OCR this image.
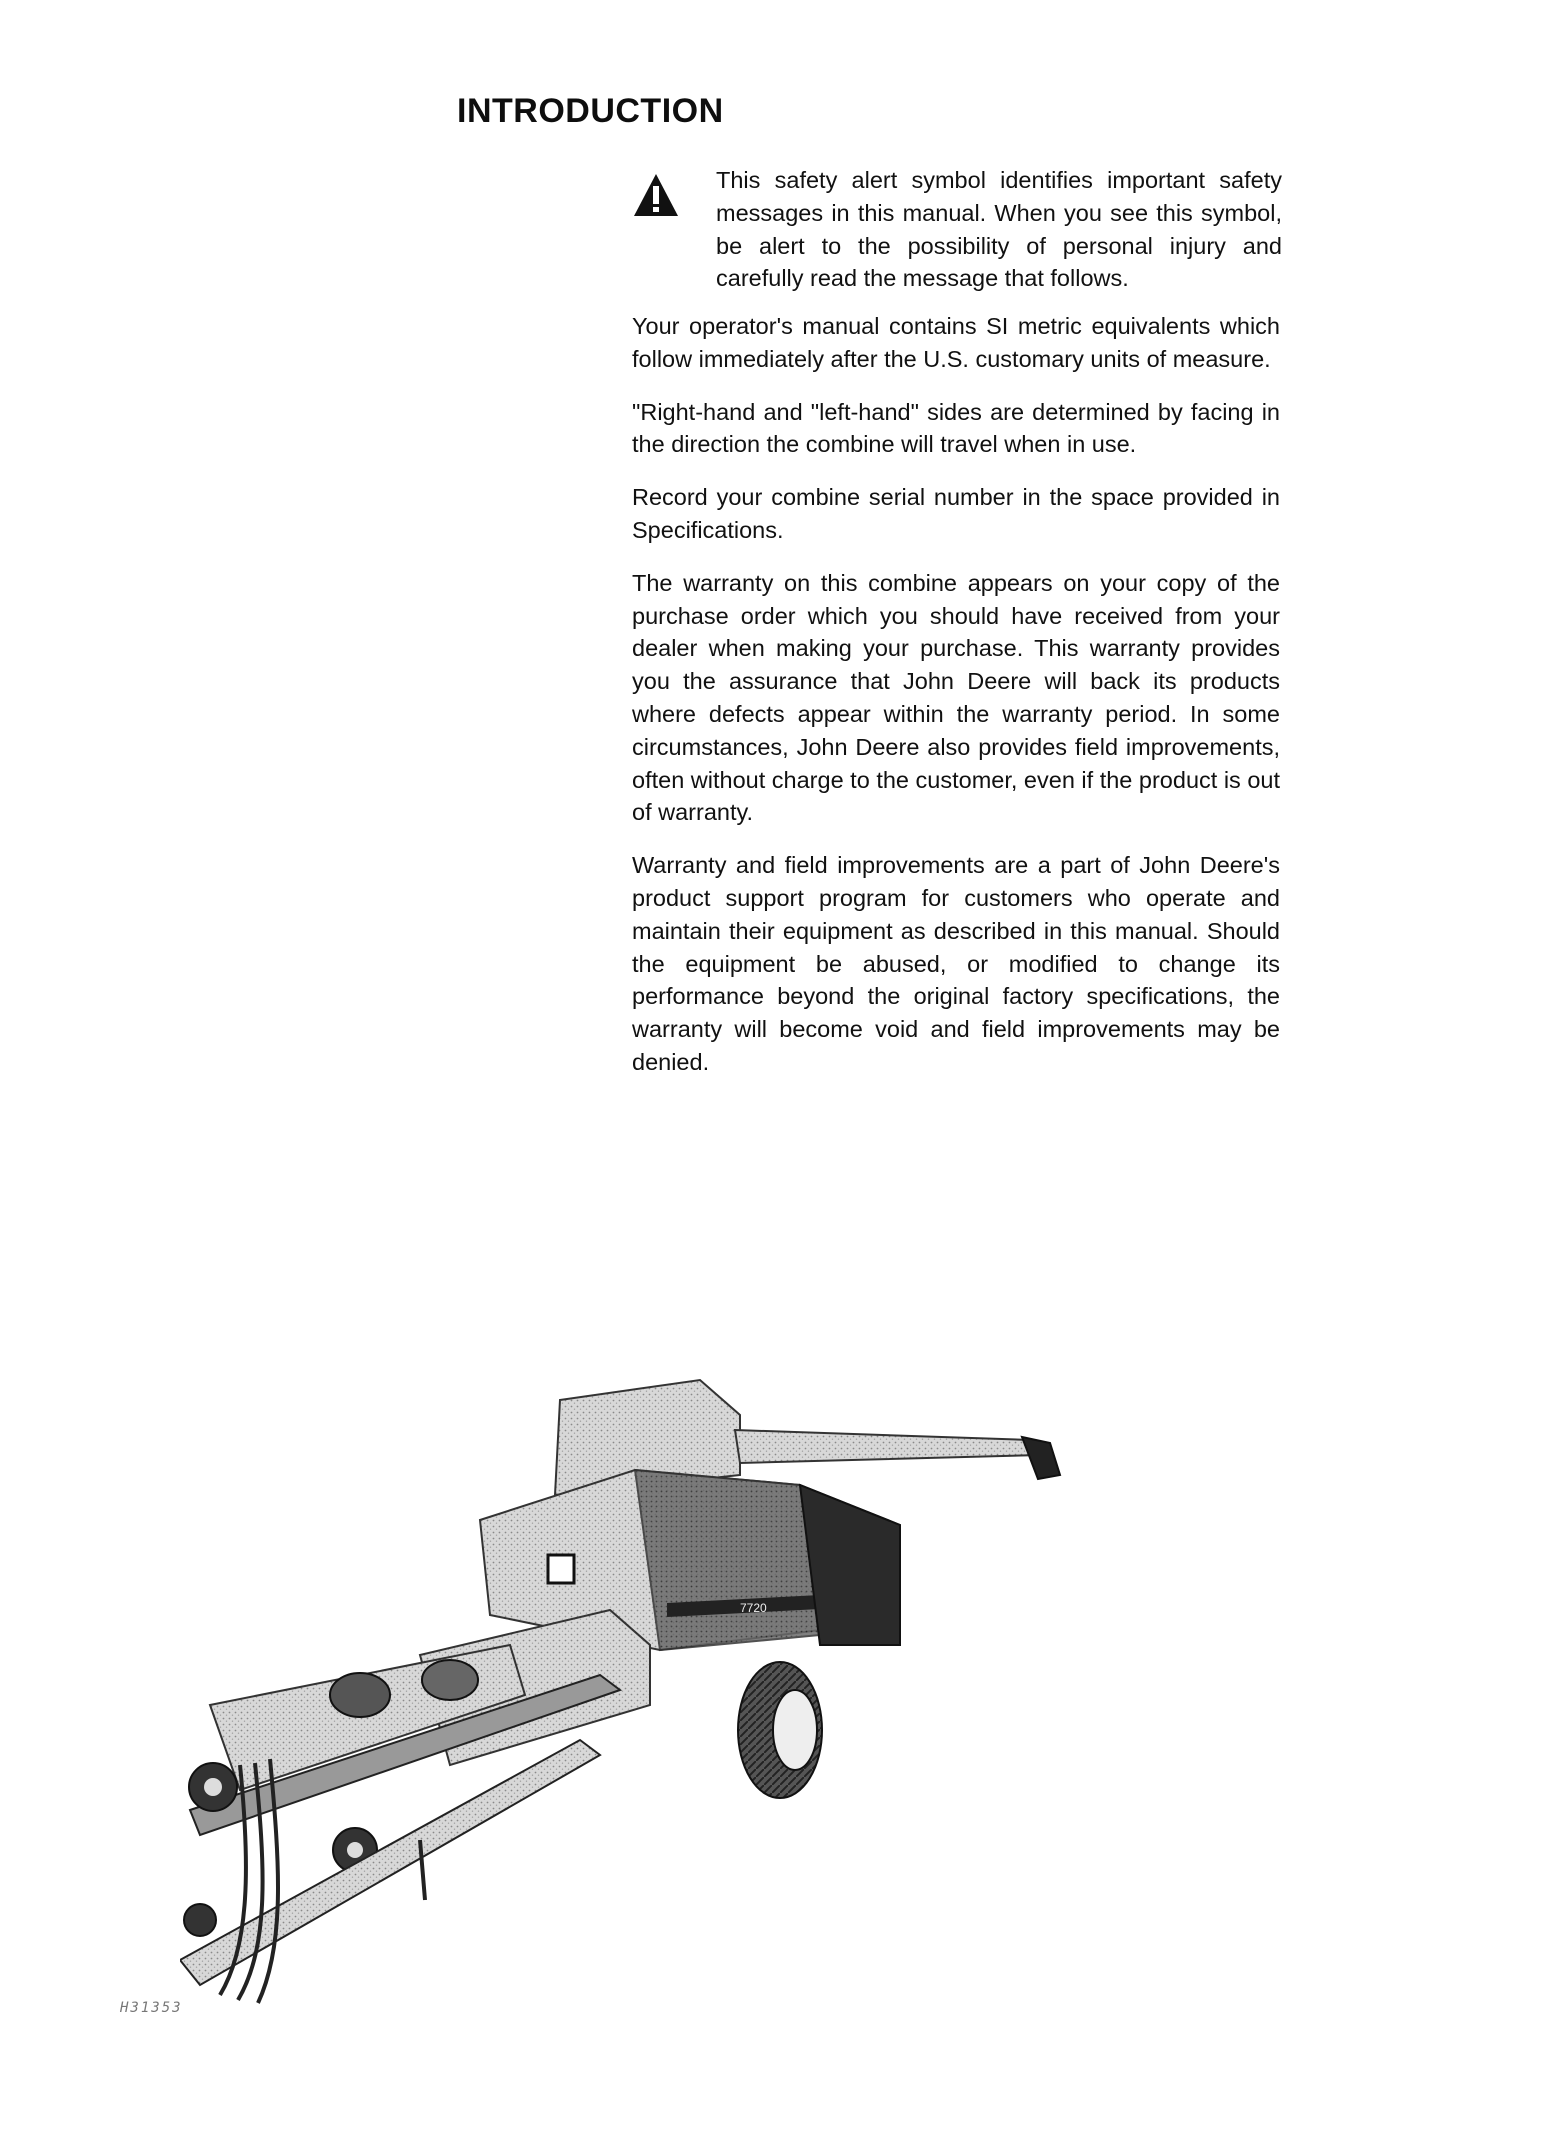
INTRODUCTION

This safety alert symbol identifies important safety messages in this manual. When you see this symbol, be alert to the possibility of personal injury and carefully read the message that follows.

Your operator's manual contains SI metric equivalents which follow immediately after the U.S. customary units of measure.

"Right-hand and "left-hand" sides are determined by facing in the direction the combine will travel when in use.

Record your combine serial number in the space provided in Specifications.

The warranty on this combine appears on your copy of the purchase order which you should have received from your dealer when making your purchase. This warranty provides you the assurance that John Deere will back its products where defects appear within the warranty period. In some circumstances, John Deere also provides field improvements, often without charge to the customer, even if the product is out of warranty.

Warranty and field improvements are a part of John Deere's product support program for customers who operate and maintain their equipment as described in this manual. Should the equipment be abused, or modified to change its performance beyond the original factory specifications, the warranty will become void and field improvements may be denied.

7720
H31353
